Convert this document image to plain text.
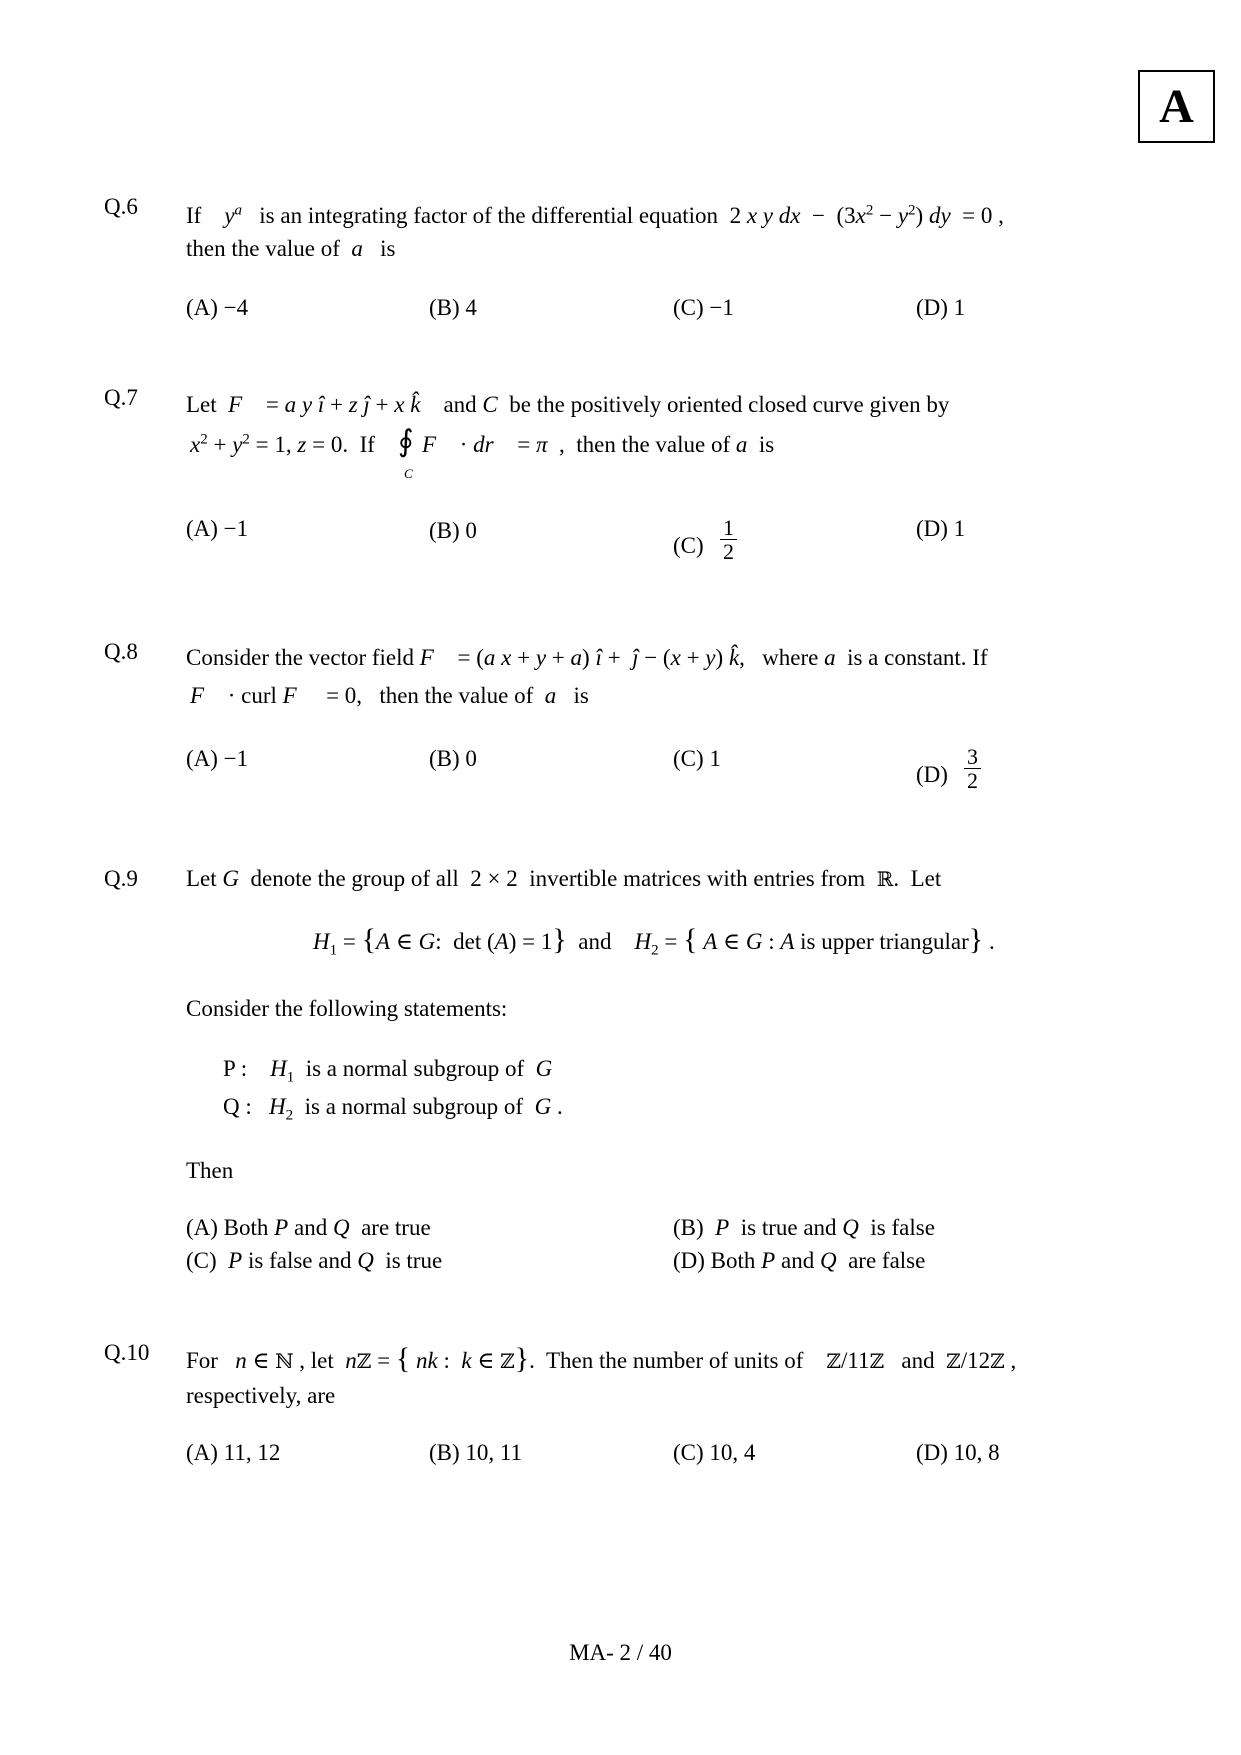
A
Q.6 If $y^a$ is an integrating factor of the differential equation  2 x y dx  −  $(3x^2 - y^2)$ dy  = 0 ,
then the value of a is
(A) −4	(B) 4	(C) −1	(D) 1
Q.7 Let F⃗ = a y î + z ĵ + x k̂ and C be the positively oriented closed curve given by
$x^2 + y^2 = 1$, z = 0.  If ∮
C
F⃗ · dr⃗ = π  ,  then the value of a is
(A) −1	(B) 0
$(C) \frac{1}{2}$	(D) 1
Q.8 Consider the vector field F⃗ = (a x + y + a) î +  ĵ − (x + y) k̂,   where a is a constant. If
F⃗ · curl F⃗  = 0,   then the value of a is
(A) −1	(B) 0	(C) 1
$(D) \frac{3}{2}$
Q.9 Let G denote the group of all  2 × 2  invertible matrices with entries from ℝ.  Let
$H_1 = \{A$ ∈ G:  det (A) = 1} and $H_2$ = { A ∈ G : A is upper triangular} .
Consider the following statements:
P : $H_1$ is a normal subgroup of G
Q : $H_2$ is a normal subgroup of G .
Then
(A) Both P and Q are true	(B) P is true and Q is false
(C) P is false and Q is true	(D) Both P and Q are false
Q.10 For n ∈ ℕ , let nℤ = { nk :  k ∈ ℤ}.  Then the number of units of ℤ/11ℤ and ℤ/12ℤ ,
respectively, are
(A) 11, 12	(B) 10, 11	(C) 10, 4	(D) 10, 8
MA- 2 / 40
